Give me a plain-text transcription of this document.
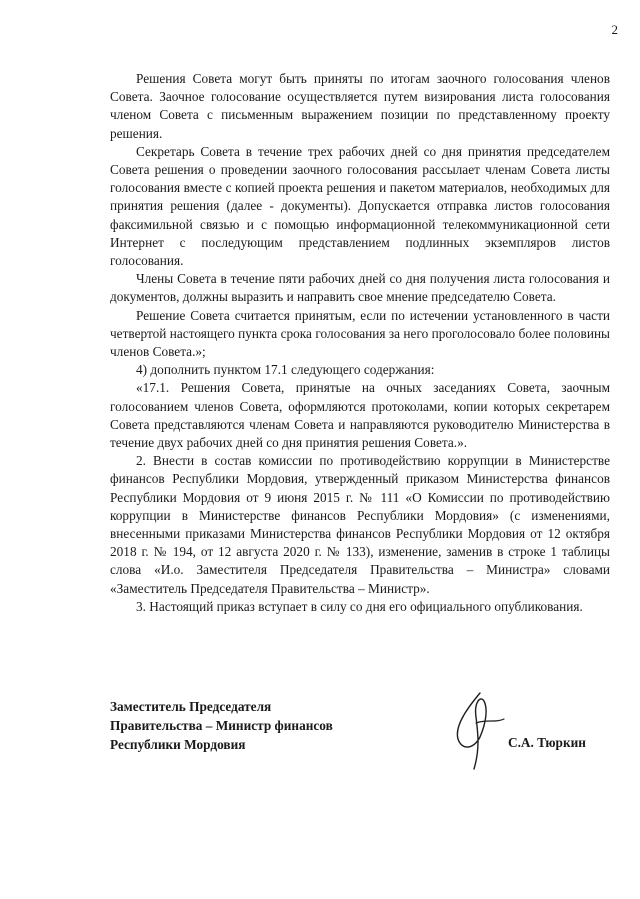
2

Решения Совета могут быть приняты по итогам заочного голосования членов Совета. Заочное голосование осуществляется путем визирования листа голосования членом Совета с письменным выражением позиции по представленному проекту решения.

Секретарь Совета в течение трех рабочих дней со дня принятия председателем Совета решения о проведении заочного голосования рассылает членам Совета листы голосования вместе с копией проекта решения и пакетом материалов, необходимых для принятия решения (далее - документы). Допускается отправка листов голосования факсимильной связью и с помощью информационной телекоммуникационной сети Интернет с последующим представлением подлинных экземпляров листов голосования.

Члены Совета в течение пяти рабочих дней со дня получения листа голосования и документов, должны выразить и направить свое мнение председателю Совета.

Решение Совета считается принятым, если по истечении установленного в части четвертой настоящего пункта срока голосования за него проголосовало более половины членов Совета.»;

4) дополнить пунктом 17.1 следующего содержания:

«17.1. Решения Совета, принятые на очных заседаниях Совета, заочным голосованием членов Совета, оформляются протоколами, копии которых секретарем Совета представляются членам Совета и направляются руководителю Министерства в течение двух рабочих дней со дня принятия решения Совета.».

2. Внести в состав комиссии по противодействию коррупции в Министерстве финансов Республики Мордовия, утвержденный приказом Министерства финансов Республики Мордовия от 9 июня 2015 г. № 111 «О Комиссии по противодействию коррупции в Министерстве финансов Республики Мордовия» (с изменениями, внесенными приказами Министерства финансов Республики Мордовия от 12 октября 2018 г. № 194, от 12 августа 2020 г. № 133), изменение, заменив в строке 1 таблицы слова «И.о. Заместителя Председателя Правительства – Министра» словами «Заместитель Председателя Правительства – Министр».

3. Настоящий приказ вступает в силу со дня его официального опубликования.

Заместитель Председателя
Правительства – Министр финансов
Республики Мордовия	С.А. Тюркин
